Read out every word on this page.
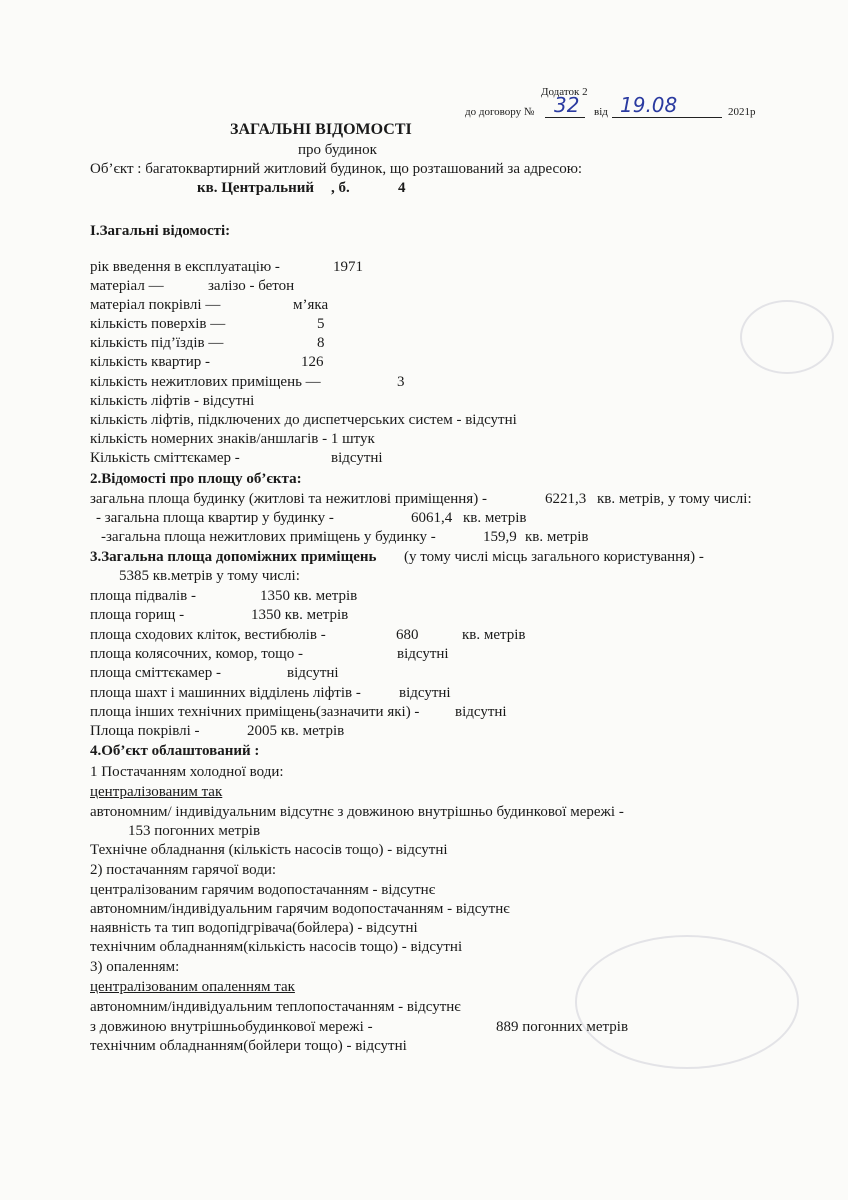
Додаток 2
до договору № 32 від 19.08	2021р
ЗАГАЛЬНІ ВІДОМОСТІ
про будинок
Об’єкт : багатоквартирний житловий будинок, що розташований за адресою:
кв. Центральний , б.	4
І.Загальні відомості:
рік введення в експлуатацію -	1971
матеріал —	залізо - бетон
матеріал покрівлі —	м’яка
кількість поверхів —	5
кількість під’їздів —	8
кількість квартир -	126
кількість нежитлових приміщень —	3
кількість ліфтів - відсутні
кількість ліфтів, підключених до диспетчерських систем - відсутні
кількість номерних знаків/аншлагів - 1 штук
Кількість сміттєкамер -	відсутні
2.Відомості про площу об’єкта:
загальна площа будинку (житлові та нежитлові приміщення) -	6221,3 кв. метрів, у тому числі:
- загальна площа квартир у будинку -	6061,4 кв. метрів
-загальна площа нежитлових приміщень у будинку -	159,9 кв. метрів
3.Загальна площа допоміжних приміщень (у тому числі місць загального користування) -
5385 кв.метрів у тому числі:
площа підвалів -	1350 кв. метрів
площа горищ -	1350 кв. метрів
площа сходових кліток, вестибюлів -	680	кв. метрів
площа колясочних, комор, тощо -	відсутні
площа сміттєкамер -	відсутні
площа шахт і машинних відділень ліфтів -	відсутні
площа інших технічних приміщень(зазначити які) - відсутні
Площа покрівлі -	2005 кв. метрів
4.Об’єкт облаштований :
1 Постачанням холодної води:
централізованим так
автономним/ індивідуальним відсутнє з довжиною внутрішньо будинкової мережі -
153 погонних метрів
Технічне обладнання (кількість насосів тощо) - відсутні
2) постачанням гарячої води:
централізованим гарячим водопостачанням - відсутнє
автономним/індивідуальним гарячим водопостачанням - відсутнє
наявність та тип водопідгрівача(бойлера) - відсутні
технічним обладнанням(кількість насосів тощо) - відсутні
3) опаленням:
централізованим опаленням так
автономним/індивідуальним теплопостачанням - відсутнє
з довжиною внутрішньобудинкової мережі -	889 погонних метрів
технічним обладнанням(бойлери тощо) - відсутні
